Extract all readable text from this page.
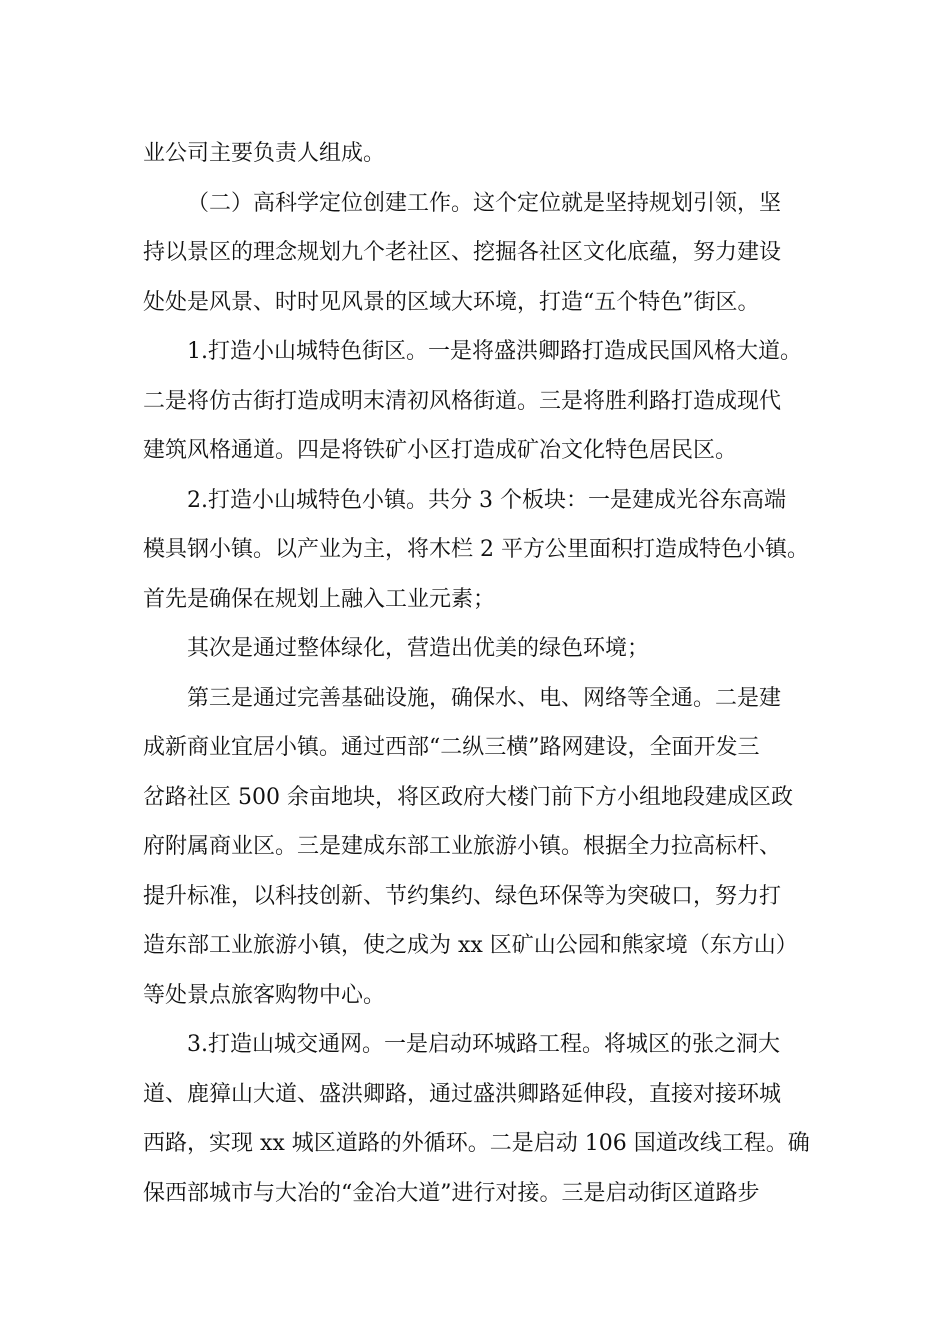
业公司主要负责人组成。
（二）高科学定位创建工作。这个定位就是坚持规划引领，坚
持以景区的理念规划九个老社区、挖掘各社区文化底蕴，努力建设
处处是风景、时时见风景的区域大环境，打造“五个特色”街区。
1.打造小山城特色街区。一是将盛洪卿路打造成民国风格大道。
二是将仿古街打造成明末清初风格街道。三是将胜利路打造成现代
建筑风格通道。四是将铁矿小区打造成矿冶文化特色居民区。
2.打造小山城特色小镇。共分 3 个板块：一是建成光谷东高端
模具钢小镇。以产业为主，将木栏 2 平方公里面积打造成特色小镇。
首先是确保在规划上融入工业元素；
其次是通过整体绿化，营造出优美的绿色环境；
第三是通过完善基础设施，确保水、电、网络等全通。二是建
成新商业宜居小镇。通过西部“二纵三横”路网建设，全面开发三
岔路社区 500 余亩地块，将区政府大楼门前下方小组地段建成区政
府附属商业区。三是建成东部工业旅游小镇。根据全力拉高标杆、
提升标准，以科技创新、节约集约、绿色环保等为突破口，努力打
造东部工业旅游小镇，使之成为 xx 区矿山公园和熊家境（东方山）
等处景点旅客购物中心。
3.打造山城交通网。一是启动环城路工程。将城区的张之洞大
道、鹿獐山大道、盛洪卿路，通过盛洪卿路延伸段，直接对接环城
西路，实现 xx 城区道路的外循环。二是启动 106 国道改线工程。确
保西部城市与大冶的“金冶大道”进行对接。三是启动街区道路步
